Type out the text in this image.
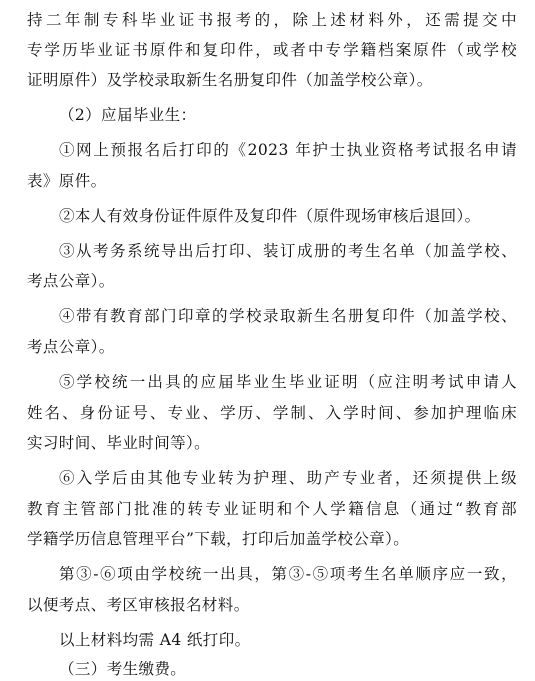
持二年制专科毕业证书报考的，除上述材料外，还需提交中
专学历毕业证书原件和复印件，或者中专学籍档案原件（或学校
证明原件）及学校录取新生名册复印件（加盖学校公章）。
（2）应届毕业生：
①网上预报名后打印的《2023 年护士执业资格考试报名申请
表》原件。
②本人有效身份证件原件及复印件（原件现场审核后退回）。
③从考务系统导出后打印、装订成册的考生名单（加盖学校、
考点公章）。
④带有教育部门印章的学校录取新生名册复印件（加盖学校、
考点公章）。
⑤学校统一出具的应届毕业生毕业证明（应注明考试申请人
姓名、身份证号、专业、学历、学制、入学时间、参加护理临床
实习时间、毕业时间等）。
⑥入学后由其他专业转为护理、助产专业者，还须提供上级
教育主管部门批准的转专业证明和个人学籍信息（通过“教育部
学籍学历信息管理平台”下载，打印后加盖学校公章）。
第③-⑥项由学校统一出具，第③-⑤项考生名单顺序应一致，
以便考点、考区审核报名材料。
以上材料均需 A4 纸打印。
（三）考生缴费。
